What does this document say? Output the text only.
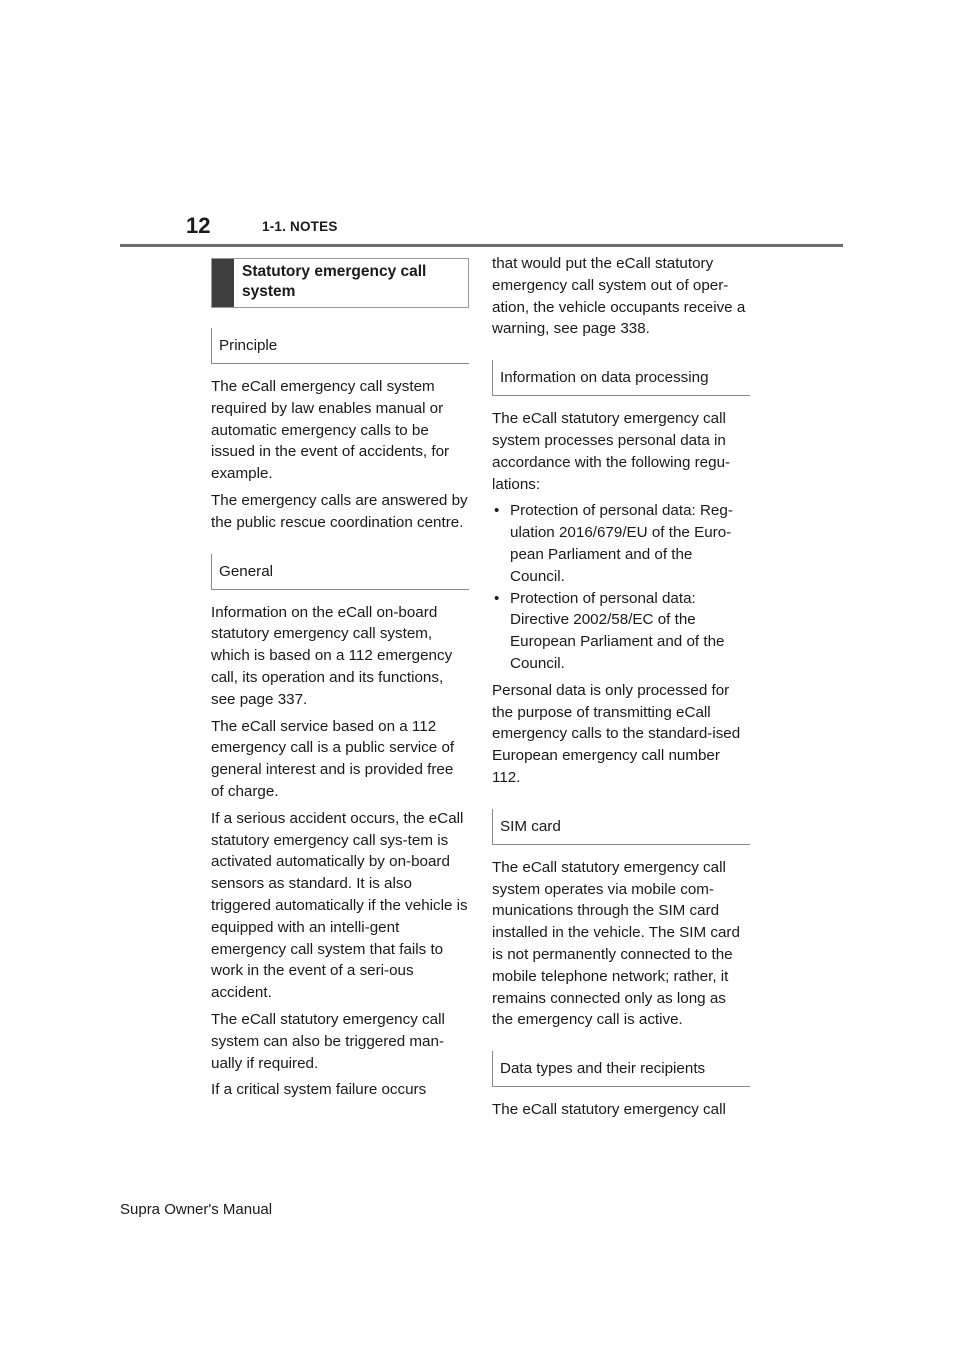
12	1-1. NOTES
Statutory emergency call system
Principle

The eCall emergency call system required by law enables manual or automatic emergency calls to be issued in the event of accidents, for example.

The emergency calls are answered by the public rescue coordination centre.

General

Information on the eCall on-board statutory emergency call system, which is based on a 112 emergency call, its operation and its functions, see page 337.

The eCall service based on a 112 emergency call is a public service of general interest and is provided free of charge.

If a serious accident occurs, the eCall statutory emergency call sys-tem is activated automatically by on-board sensors as standard. It is also triggered automatically if the vehicle is equipped with an intelli-gent emergency call system that fails to work in the event of a seri-ous accident.

The eCall statutory emergency call system can also be triggered man-ually if required.

If a critical system failure occurs

that would put the eCall statutory emergency call system out of oper-ation, the vehicle occupants receive a warning, see page 338.

Information on data processing

The eCall statutory emergency call system processes personal data in accordance with the following regu-lations:

• Protection of personal data: Reg-ulation 2016/679/EU of the Euro-pean Parliament and of the Council.
• Protection of personal data: Directive 2002/58/EC of the European Parliament and of the Council.

Personal data is only processed for the purpose of transmitting eCall emergency calls to the standard-ised European emergency call number 112.

SIM card

The eCall statutory emergency call system operates via mobile com-munications through the SIM card installed in the vehicle. The SIM card is not permanently connected to the mobile telephone network; rather, it remains connected only as long as the emergency call is active.

Data types and their recipients

The eCall statutory emergency call

Supra Owner's Manual
